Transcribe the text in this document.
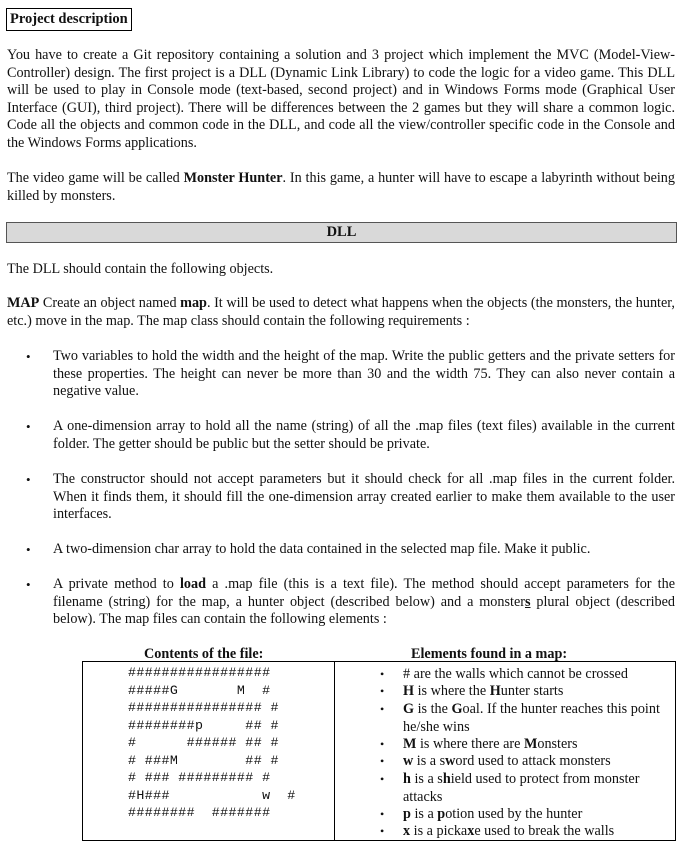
Project description
You have to create a Git repository containing a solution and 3 project which implement the MVC (Model-View-Controller) design. The first project is a DLL (Dynamic Link Library) to code the logic for a video game. This DLL will be used to play in Console mode (text-based, second project) and in Windows Forms mode (Graphical User Interface (GUI), third project). There will be differences between the 2 games but they will share a common logic. Code all the objects and common code in the DLL, and code all the view/controller specific code in the Console and the Windows Forms applications.
The video game will be called Monster Hunter. In this game, a hunter will have to escape a labyrinth without being killed by monsters.
DLL
The DLL should contain the following objects.
MAP Create an object named map. It will be used to detect what happens when the objects (the monsters, the hunter, etc.) move in the map. The map class should contain the following requirements :
•	Two variables to hold the width and the height of the map. Write the public getters and the private setters for these properties. The height can never be more than 30 and the width 75. They can also never contain a negative value.
•	A one-dimension array to hold all the name (string) of all the .map files (text files) available in the current folder. The getter should be public but the setter should be private.
•	The constructor should not accept parameters but it should check for all .map files in the current folder. When it finds them, it should fill the one-dimension array created earlier to make them available to the user interfaces.
•	A two-dimension char array to hold the data contained in the selected map file. Make it public.
•	A private method to load a .map file (this is a text file). The method should accept parameters for the filename (string) for the map, a hunter object (described below) and a monsters plural object (described below). The map files can contain the following elements :
Contents of the file:	Elements found in a map:
#################
#####G       M  #
################ #
########p     ## #
#      ###### ## #
# ###M        ## #
# ### ######### #
#H###           w  #
########  #######
•	# are the walls which cannot be crossed
•	H is where the Hunter starts
•	G is the Goal. If the hunter reaches this point he/she wins
•	M is where there are Monsters
•	w is a sword used to attack monsters
•	h is a shield used to protect from monster attacks
•	p is a potion used by the hunter
•	x is a pickaxe used to break the walls
